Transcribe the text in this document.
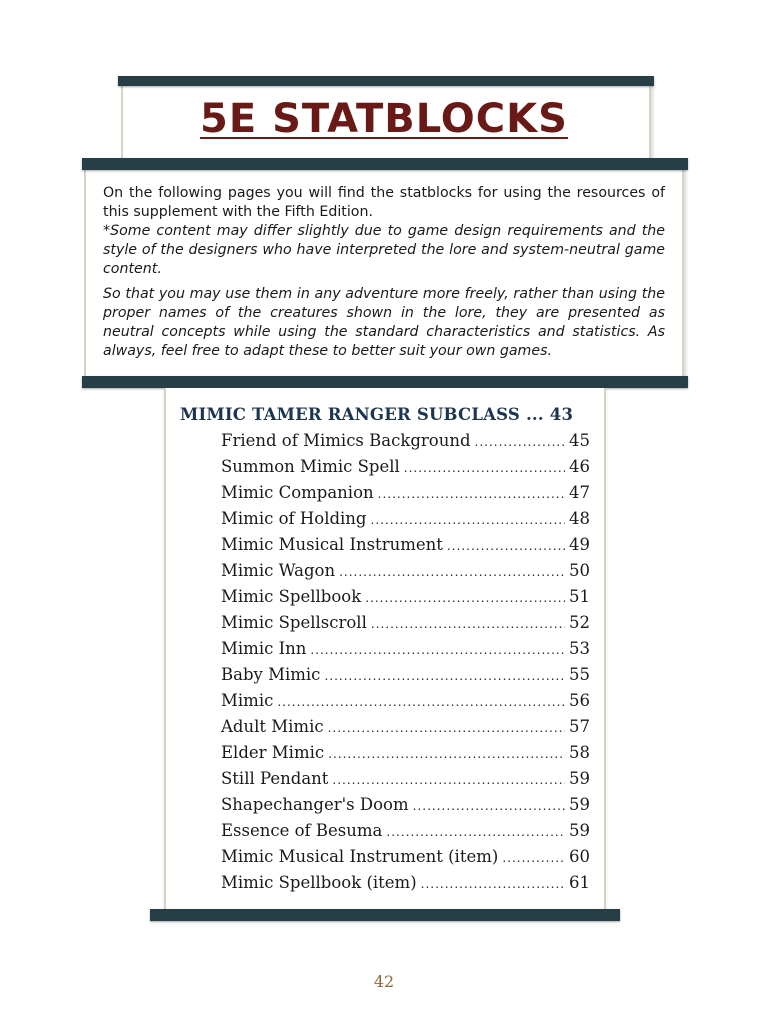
5E STATBLOCKS

On the following pages you will find the statblocks for using the resources of this supplement with the Fifth Edition.
*Some content may differ slightly due to game design requirements and the style of the designers who have interpreted the lore and system-neutral game content.

So that you may use them in any adventure more freely, rather than using the proper names of the creatures shown in the lore, they are presented as neutral concepts while using the standard characteristics and statistics. As always, feel free to adapt these to better suit your own games.

MIMIC TAMER RANGER SUBCLASS ... 43
Friend of Mimics Background .....	45
Summon Mimic Spell .....	46
Mimic Companion .....	47
Mimic of Holding .....	48
Mimic Musical Instrument .....	49
Mimic Wagon .....	50
Mimic Spellbook .....	51
Mimic Spellscroll .....	52
Mimic Inn .....	53
Baby Mimic .....	55
Mimic .....	56
Adult Mimic .....	57
Elder Mimic .....	58
Still Pendant .....	59
Shapechanger's Doom .....	59
Essence of Besuma .....	59
Mimic Musical Instrument (item) .....	60
Mimic Spellbook (item) .....	61
42
